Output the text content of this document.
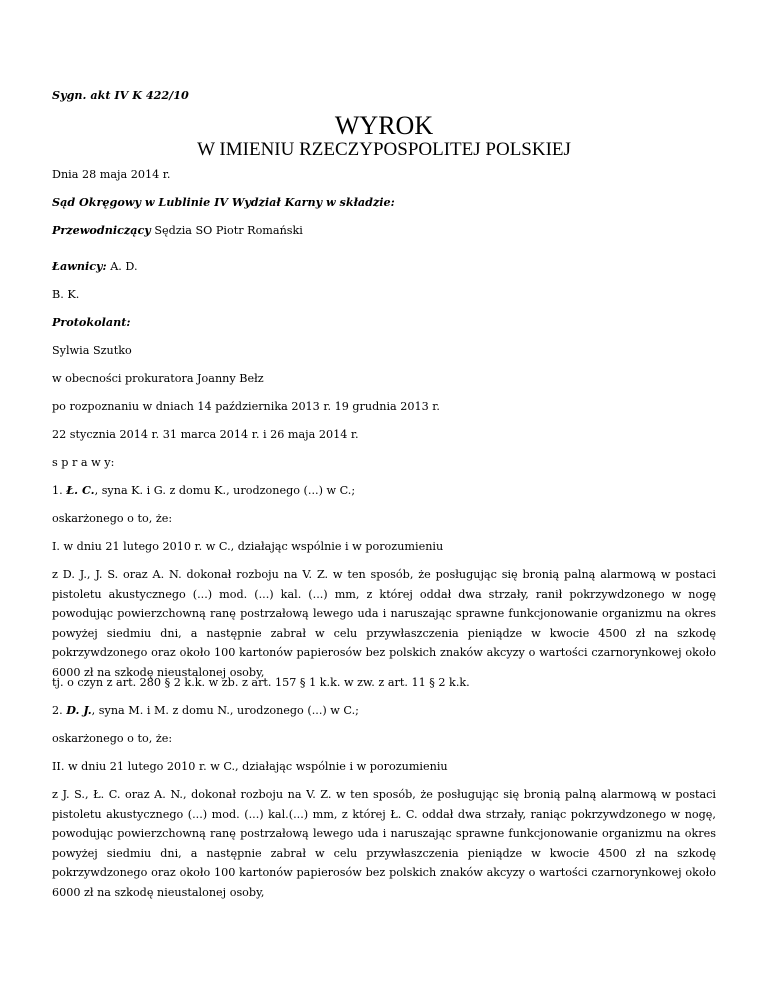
Sygn. akt IV K 422/10
WYROK
W IMIENIU RZECZYPOSPOLITEJ POLSKIEJ
Dnia 28 maja 2014 r.
Sąd Okręgowy w Lublinie IV Wydział Karny w składzie:
Przewodniczący Sędzia SO Piotr Romański
Ławnicy: A. D.
B. K.
Protokolant:
Sylwia Szutko
w obecności prokuratora Joanny Bełz
po rozpoznaniu w dniach 14 października 2013 r. 19 grudnia 2013 r.
22 stycznia 2014 r. 31 marca 2014 r. i 26 maja 2014 r.
s p r a w y:
1. Ł. C., syna K. i G. z domu K., urodzonego (...) w C.;
oskarżonego o to, że:
I. w dniu 21 lutego 2010 r. w C., działając wspólnie i w porozumieniu
z D. J., J. S. oraz A. N. dokonał rozboju na V. Z. w ten sposób, że posługując się bronią palną alarmową w postaci pistoletu akustycznego (...) mod. (...) kal. (...) mm, z której oddał dwa strzały, ranił pokrzywdzonego w nogę powodując powierzchowną ranę postrzałową lewego uda i naruszając sprawne funkcjonowanie organizmu na okres powyżej siedmiu dni, a następnie zabrał w celu przywłaszczenia pieniądze w kwocie 4500 zł na szkodę pokrzywdzonego oraz około 100 kartonów papierosów bez polskich znaków akcyzy o wartości czarnorynkowej około 6000 zł na szkodę nieustalonej osoby,
tj. o czyn z art. 280 § 2 k.k. w zb. z art. 157 § 1 k.k. w zw. z art. 11 § 2 k.k.
2. D. J., syna M. i M. z domu N., urodzonego (...) w C.;
oskarżonego o to, że:
II. w dniu 21 lutego 2010 r. w C., działając wspólnie i w porozumieniu
z J. S., Ł. C. oraz A. N., dokonał rozboju na V. Z. w ten sposób, że posługując się bronią palną alarmową w postaci pistoletu akustycznego (...) mod. (...) kal.(...) mm, z której Ł. C. oddał dwa strzały, raniąc pokrzywdzonego w nogę, powodując powierzchowną ranę postrzałową lewego uda i naruszając sprawne funkcjonowanie organizmu na okres powyżej siedmiu dni, a następnie zabrał w celu przywłaszczenia pieniądze w kwocie 4500 zł na szkodę pokrzywdzonego oraz około 100 kartonów papierosów bez polskich znaków akcyzy o wartości czarnorynkowej około 6000 zł na szkodę nieustalonej osoby,
